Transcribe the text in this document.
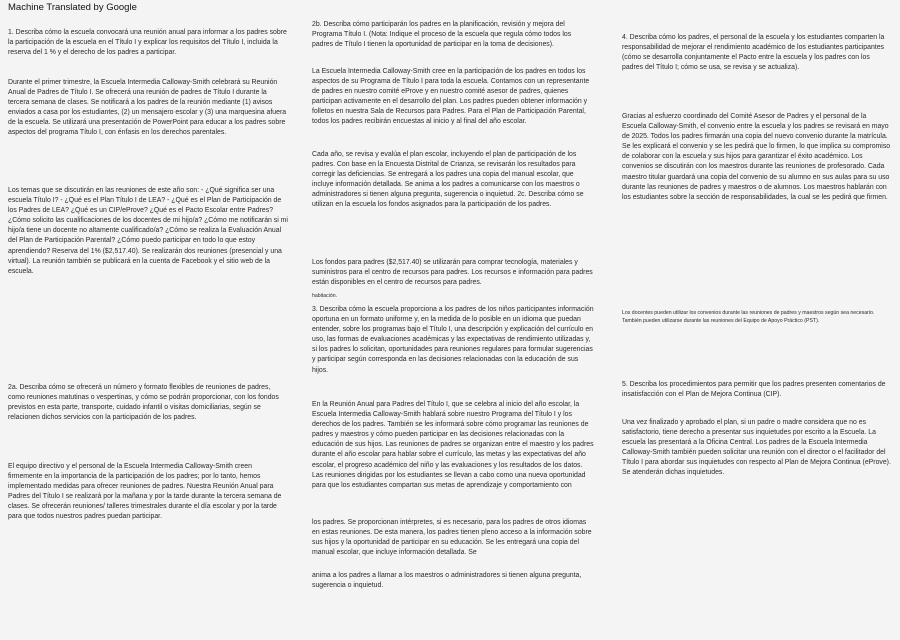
Machine Translated by Google

1. Describa cómo la escuela convocará una reunión anual para informar a los padres sobre la participación de la escuela en el Título I y explicar los requisitos del Título I, incluida la reserva del 1 % y el derecho de los padres a participar.

Durante el primer trimestre, la Escuela Intermedia Calloway-Smith celebrará su Reunión Anual de Padres de Título I. Se ofrecerá una reunión de padres de Título I durante la tercera semana de clases. Se notificará a los padres de la reunión mediante (1) avisos enviados a casa por los estudiantes, (2) un mensajero escolar y (3) una marquesina afuera de la escuela. Se utilizará una presentación de PowerPoint para educar a los padres sobre aspectos del programa Título I, con énfasis en los derechos parentales.

Los temas que se discutirán en las reuniones de este año son: - ¿Qué significa ser una escuela Título I? - ¿Qué es el Plan Título I de LEA? - ¿Qué es el Plan de Participación de los Padres de LEA? ¿Qué es un CIP/eProve? ¿Qué es el Pacto Escolar entre Padres? ¿Cómo solicito las cualificaciones de los docentes de mi hijo/a? ¿Cómo me notificarán si mi hijo/a tiene un docente no altamente cualificado/a? ¿Cómo se realiza la Evaluación Anual del Plan de Participación Parental? ¿Cómo puedo participar en todo lo que estoy aprendiendo? Reserva del 1% ($2,517.40). Se realizarán dos reuniones (presencial y una virtual). La reunión también se publicará en la cuenta de Facebook y el sitio web de la escuela.

2a. Describa cómo se ofrecerá un número y formato flexibles de reuniones de padres, como reuniones matutinas o vespertinas, y cómo se podrán proporcionar, con los fondos previstos en esta parte, transporte, cuidado infantil o visitas domiciliarias, según se relacionen dichos servicios con la participación de los padres.

El equipo directivo y el personal de la Escuela Intermedia Calloway-Smith creen firmemente en la importancia de la participación de los padres; por lo tanto, hemos implementado medidas para ofrecer reuniones de padres. Nuestra Reunión Anual para Padres del Título I se realizará por la mañana y por la tarde durante la tercera semana de clases. Se ofrecerán reuniones/ talleres trimestrales durante el día escolar y por la tarde para que todos nuestros padres puedan participar.

2b. Describa cómo participarán los padres en la planificación, revisión y mejora del Programa Título I. (Nota: Indique el proceso de la escuela que regula cómo todos los padres de Título I tienen la oportunidad de participar en la toma de decisiones).

La Escuela Intermedia Calloway-Smith cree en la participación de los padres en todos los aspectos de su Programa de Título I para toda la escuela. Contamos con un representante de padres en nuestro comité eProve y en nuestro comité asesor de padres, quienes participan activamente en el desarrollo del plan. Los padres pueden obtener información y folletos en nuestra Sala de Recursos para Padres. Para el Plan de Participación Parental, todos los padres recibirán encuestas al inicio y al final del año escolar.

Cada año, se revisa y evalúa el plan escolar, incluyendo el plan de participación de los padres. Con base en la Encuesta Distrital de Crianza, se revisarán los resultados para corregir las deficiencias. Se entregará a los padres una copia del manual escolar, que incluye información detallada. Se anima a los padres a comunicarse con los maestros o administradores si tienen alguna pregunta, sugerencia o inquietud. 2c. Describa cómo se utilizan en la escuela los fondos asignados para la participación de los padres.

Los fondos para padres ($2,517.40) se utilizarán para comprar tecnología, materiales y suministros para el centro de recursos para padres. Los recursos e información para padres están disponibles en el centro de recursos para padres.

habitación.

3. Describa cómo la escuela proporciona a los padres de los niños participantes información oportuna en un formato uniforme y, en la medida de lo posible en un idioma que puedan entender, sobre los programas bajo el Título I, una descripción y explicación del currículo en uso, las formas de evaluaciones académicas y las expectativas de rendimiento utilizadas y, si los padres lo solicitan, oportunidades para reuniones regulares para formular sugerencias y participar según corresponda en las decisiones relacionadas con la educación de sus hijos.

En la Reunión Anual para Padres del Título I, que se celebra al inicio del año escolar, la Escuela Intermedia Calloway-Smith hablará sobre nuestro Programa del Título I y los derechos de los padres. También se les informará sobre cómo programar las reuniones de padres y maestros y cómo pueden participar en las decisiones relacionadas con la educación de sus hijos. Las reuniones de padres se organizan entre el maestro y los padres durante el año escolar para hablar sobre el currículo, las metas y las expectativas del año escolar, el progreso académico del niño y las evaluaciones y los resultados de los datos. Las reuniones dirigidas por los estudiantes se llevan a cabo como una nueva oportunidad para que los estudiantes compartan sus metas de aprendizaje y comportamiento con

los padres. Se proporcionan intérpretes, si es necesario, para los padres de otros idiomas en estas reuniones. De esta manera, los padres tienen pleno acceso a la información sobre sus hijos y la oportunidad de participar en su educación. Se les entregará una copia del manual escolar, que incluye información detallada. Se

anima a los padres a llamar a los maestros o administradores si tienen alguna pregunta, sugerencia o inquietud.

4. Describa cómo los padres, el personal de la escuela y los estudiantes comparten la responsabilidad de mejorar el rendimiento académico de los estudiantes participantes (cómo se desarrolla conjuntamente el Pacto entre la escuela y los padres con los padres del Título I; cómo se usa, se revisa y se actualiza).

Gracias al esfuerzo coordinado del Comité Asesor de Padres y el personal de la Escuela Calloway-Smith, el convenio entre la escuela y los padres se revisará en mayo de 2025. Todos los padres firmarán una copia del nuevo convenio durante la matrícula. Se les explicará el convenio y se les pedirá que lo firmen, lo que implica su compromiso de colaborar con la escuela y sus hijos para garantizar el éxito académico. Los convenios se discutirán con los maestros durante las reuniones de profesorado. Cada maestro titular guardará una copia del convenio de su alumno en sus aulas para su uso durante las reuniones de padres y maestros o de alumnos. Los maestros hablarán con los estudiantes sobre la sección de responsabilidades, la cual se les pedirá que firmen.

Los docentes pueden utilizar los convenios durante las reuniones de padres y maestros según sea necesario. También pueden utilizarse durante las reuniones del Equipo de Apoyo Práctico (PST).

5. Describa los procedimientos para permitir que los padres presenten comentarios de insatisfacción con el Plan de Mejora Continua (CIP).

Una vez finalizado y aprobado el plan, si un padre o madre considera que no es satisfactorio, tiene derecho a presentar sus inquietudes por escrito a la Escuela. La escuela las presentará a la Oficina Central. Los padres de la Escuela Intermedia Calloway-Smith también pueden solicitar una reunión con el director o el facilitador del Título I para abordar sus inquietudes con respecto al Plan de Mejora Continua (eProve). Se atenderán dichas inquietudes.
